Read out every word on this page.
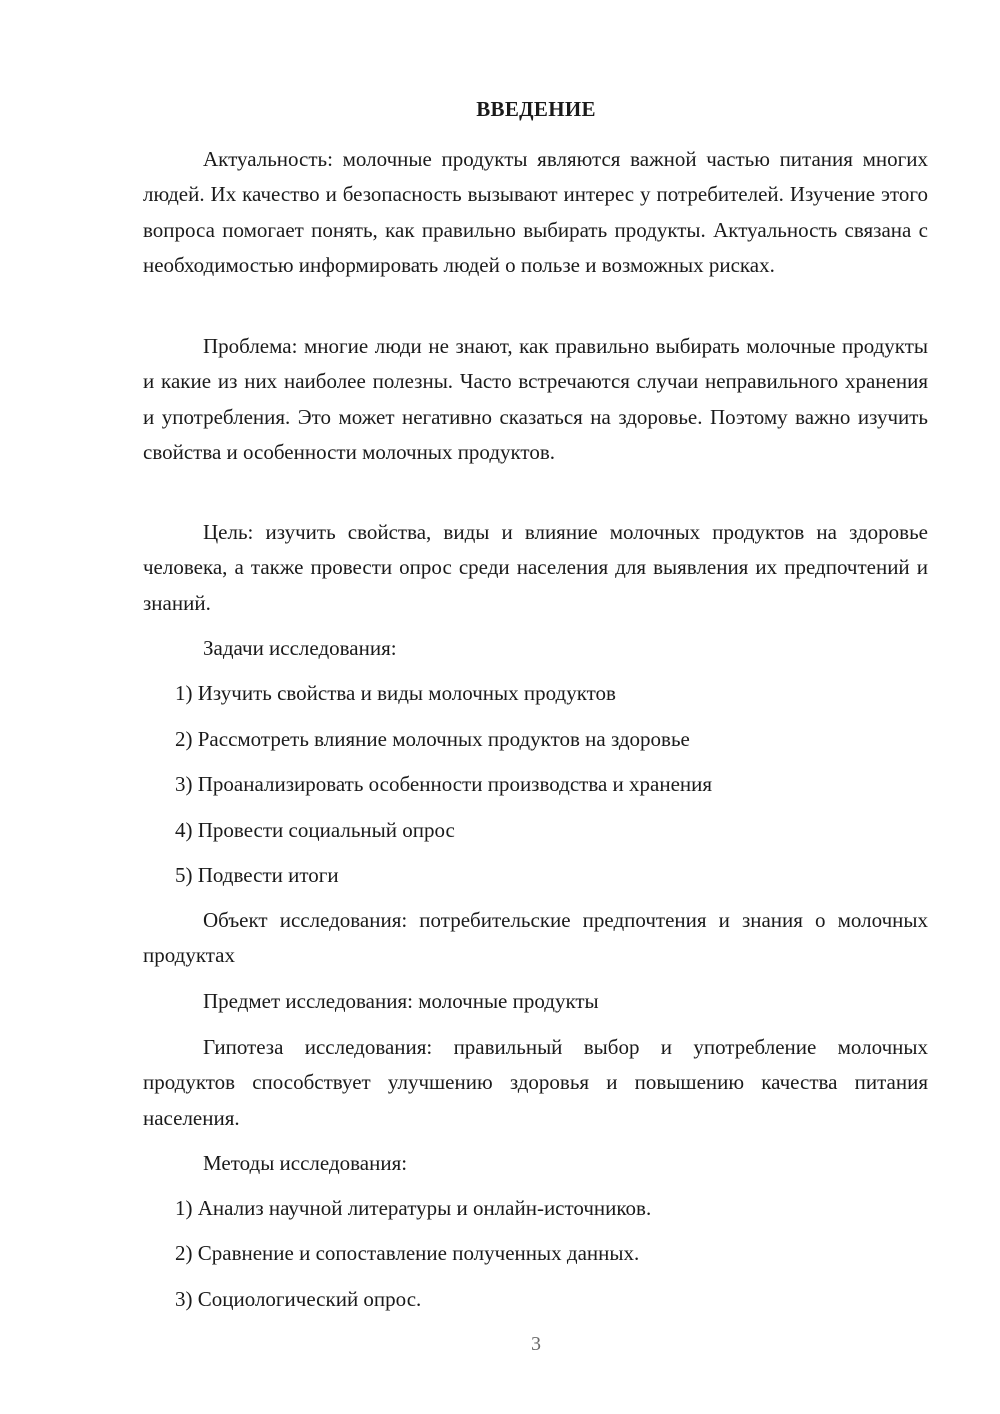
ВВЕДЕНИЕ
Актуальность: молочные продукты являются важной частью питания многих людей. Их качество и безопасность вызывают интерес у потребителей. Изучение этого вопроса помогает понять, как правильно выбирать продукты. Актуальность связана с необходимостью информировать людей о пользе и возможных рисках.
Проблема: многие люди не знают, как правильно выбирать молочные продукты и какие из них наиболее полезны. Часто встречаются случаи неправильного хранения и употребления. Это может негативно сказаться на здоровье. Поэтому важно изучить свойства и особенности молочных продуктов.
Цель: изучить свойства, виды и влияние молочных продуктов на здоровье человека, а также провести опрос среди населения для выявления их предпочтений и знаний.
Задачи исследования:
1) Изучить свойства и виды молочных продуктов
2) Рассмотреть влияние молочных продуктов на здоровье
3) Проанализировать особенности производства и хранения
4) Провести социальный опрос
5) Подвести итоги
Объект исследования: потребительские предпочтения и знания о молочных продуктах
Предмет исследования: молочные продукты
Гипотеза исследования: правильный выбор и употребление молочных продуктов способствует улучшению здоровья и повышению качества питания населения.
Методы исследования:
1) Анализ научной литературы и онлайн-источников.
2) Сравнение и сопоставление полученных данных.
3) Социологический опрос.
3
